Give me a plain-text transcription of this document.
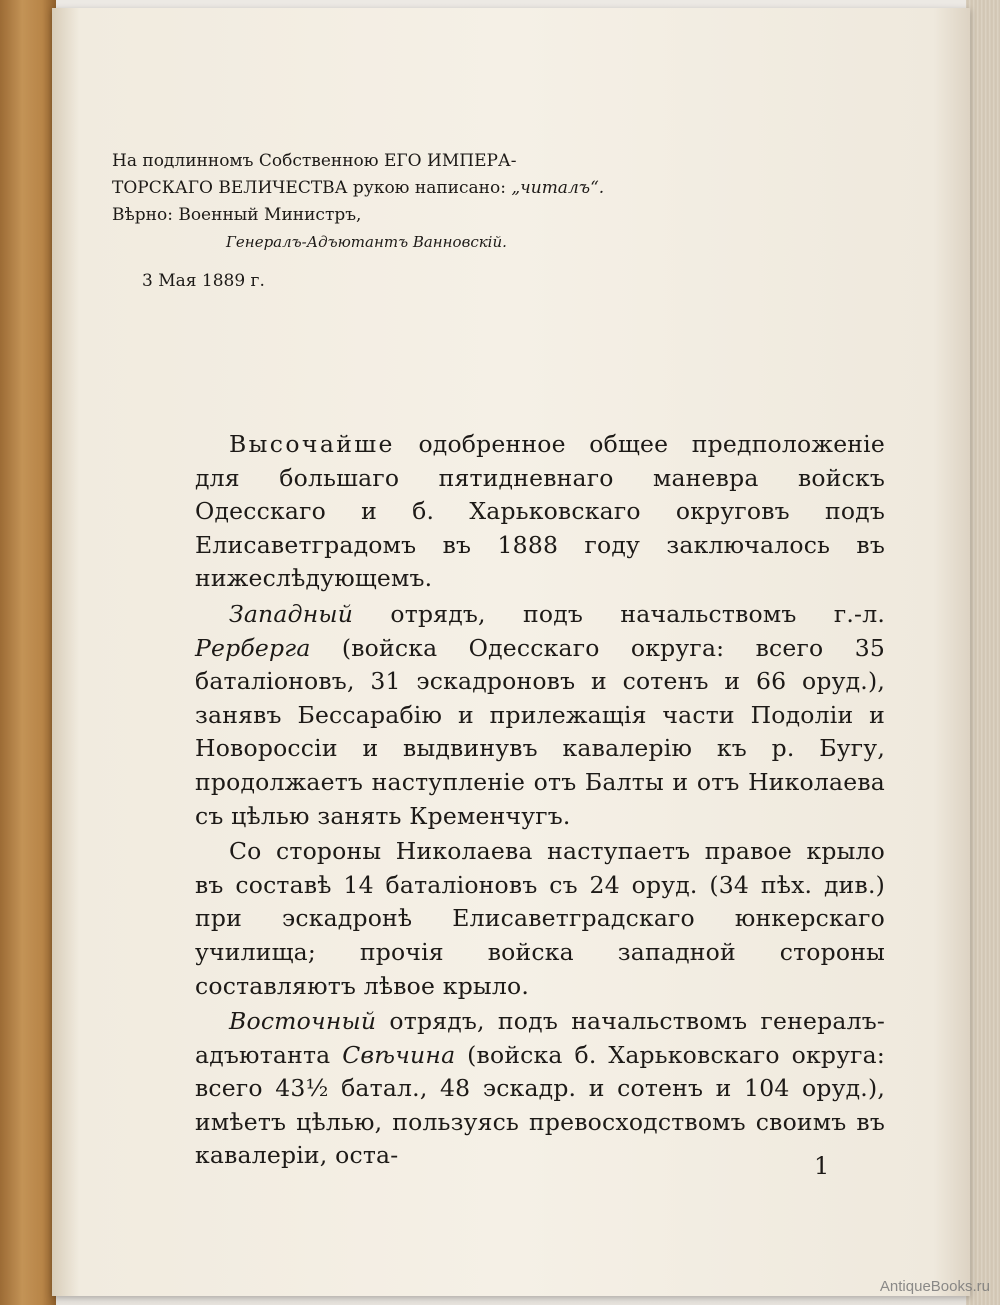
На подлинномъ Собственною ЕГО ИМПЕРА-
ТОРСКАГО ВЕЛИЧЕСТВА рукою написано: „читалъ“.
Вѣрно: Военный Министръ,
Генералъ-Адъютантъ Ванновскій.
3 Мая 1889 г.

Высочайше одобренное общее предположеніе для большаго пятидневнаго маневра войскъ Одесскаго и б. Харьковскаго округовъ подъ Елисаветградомъ въ 1888 году заключалось въ нижеслѣдующемъ.

Западный отрядъ, подъ начальствомъ г.-л. Рерберга (войска Одесскаго округа: всего 35 баталіоновъ, 31 эскадроновъ и сотенъ и 66 оруд.), занявъ Бессарабію и прилежащія части Подоліи и Новороссіи и выдвинувъ кавалерію къ р. Бугу, продолжаетъ наступленіе отъ Балты и отъ Николаева съ цѣлью занять Кременчугъ.

Со стороны Николаева наступаетъ правое крыло въ составѣ 14 баталіоновъ съ 24 оруд. (34 пѣх. див.) при эскадронѣ Елисаветградскаго юнкерскаго училища; прочія войска западной стороны составляютъ лѣвое крыло.

Восточный отрядъ, подъ начальствомъ генералъ-адъютанта Свѣчина (войска б. Харьковскаго округа: всего 43½ батал., 48 эскадр. и сотенъ и 104 оруд.), имѣетъ цѣлью, пользуясь превосходствомъ своимъ въ кавалеріи, оста-	1
AntiqueBooks.ru
